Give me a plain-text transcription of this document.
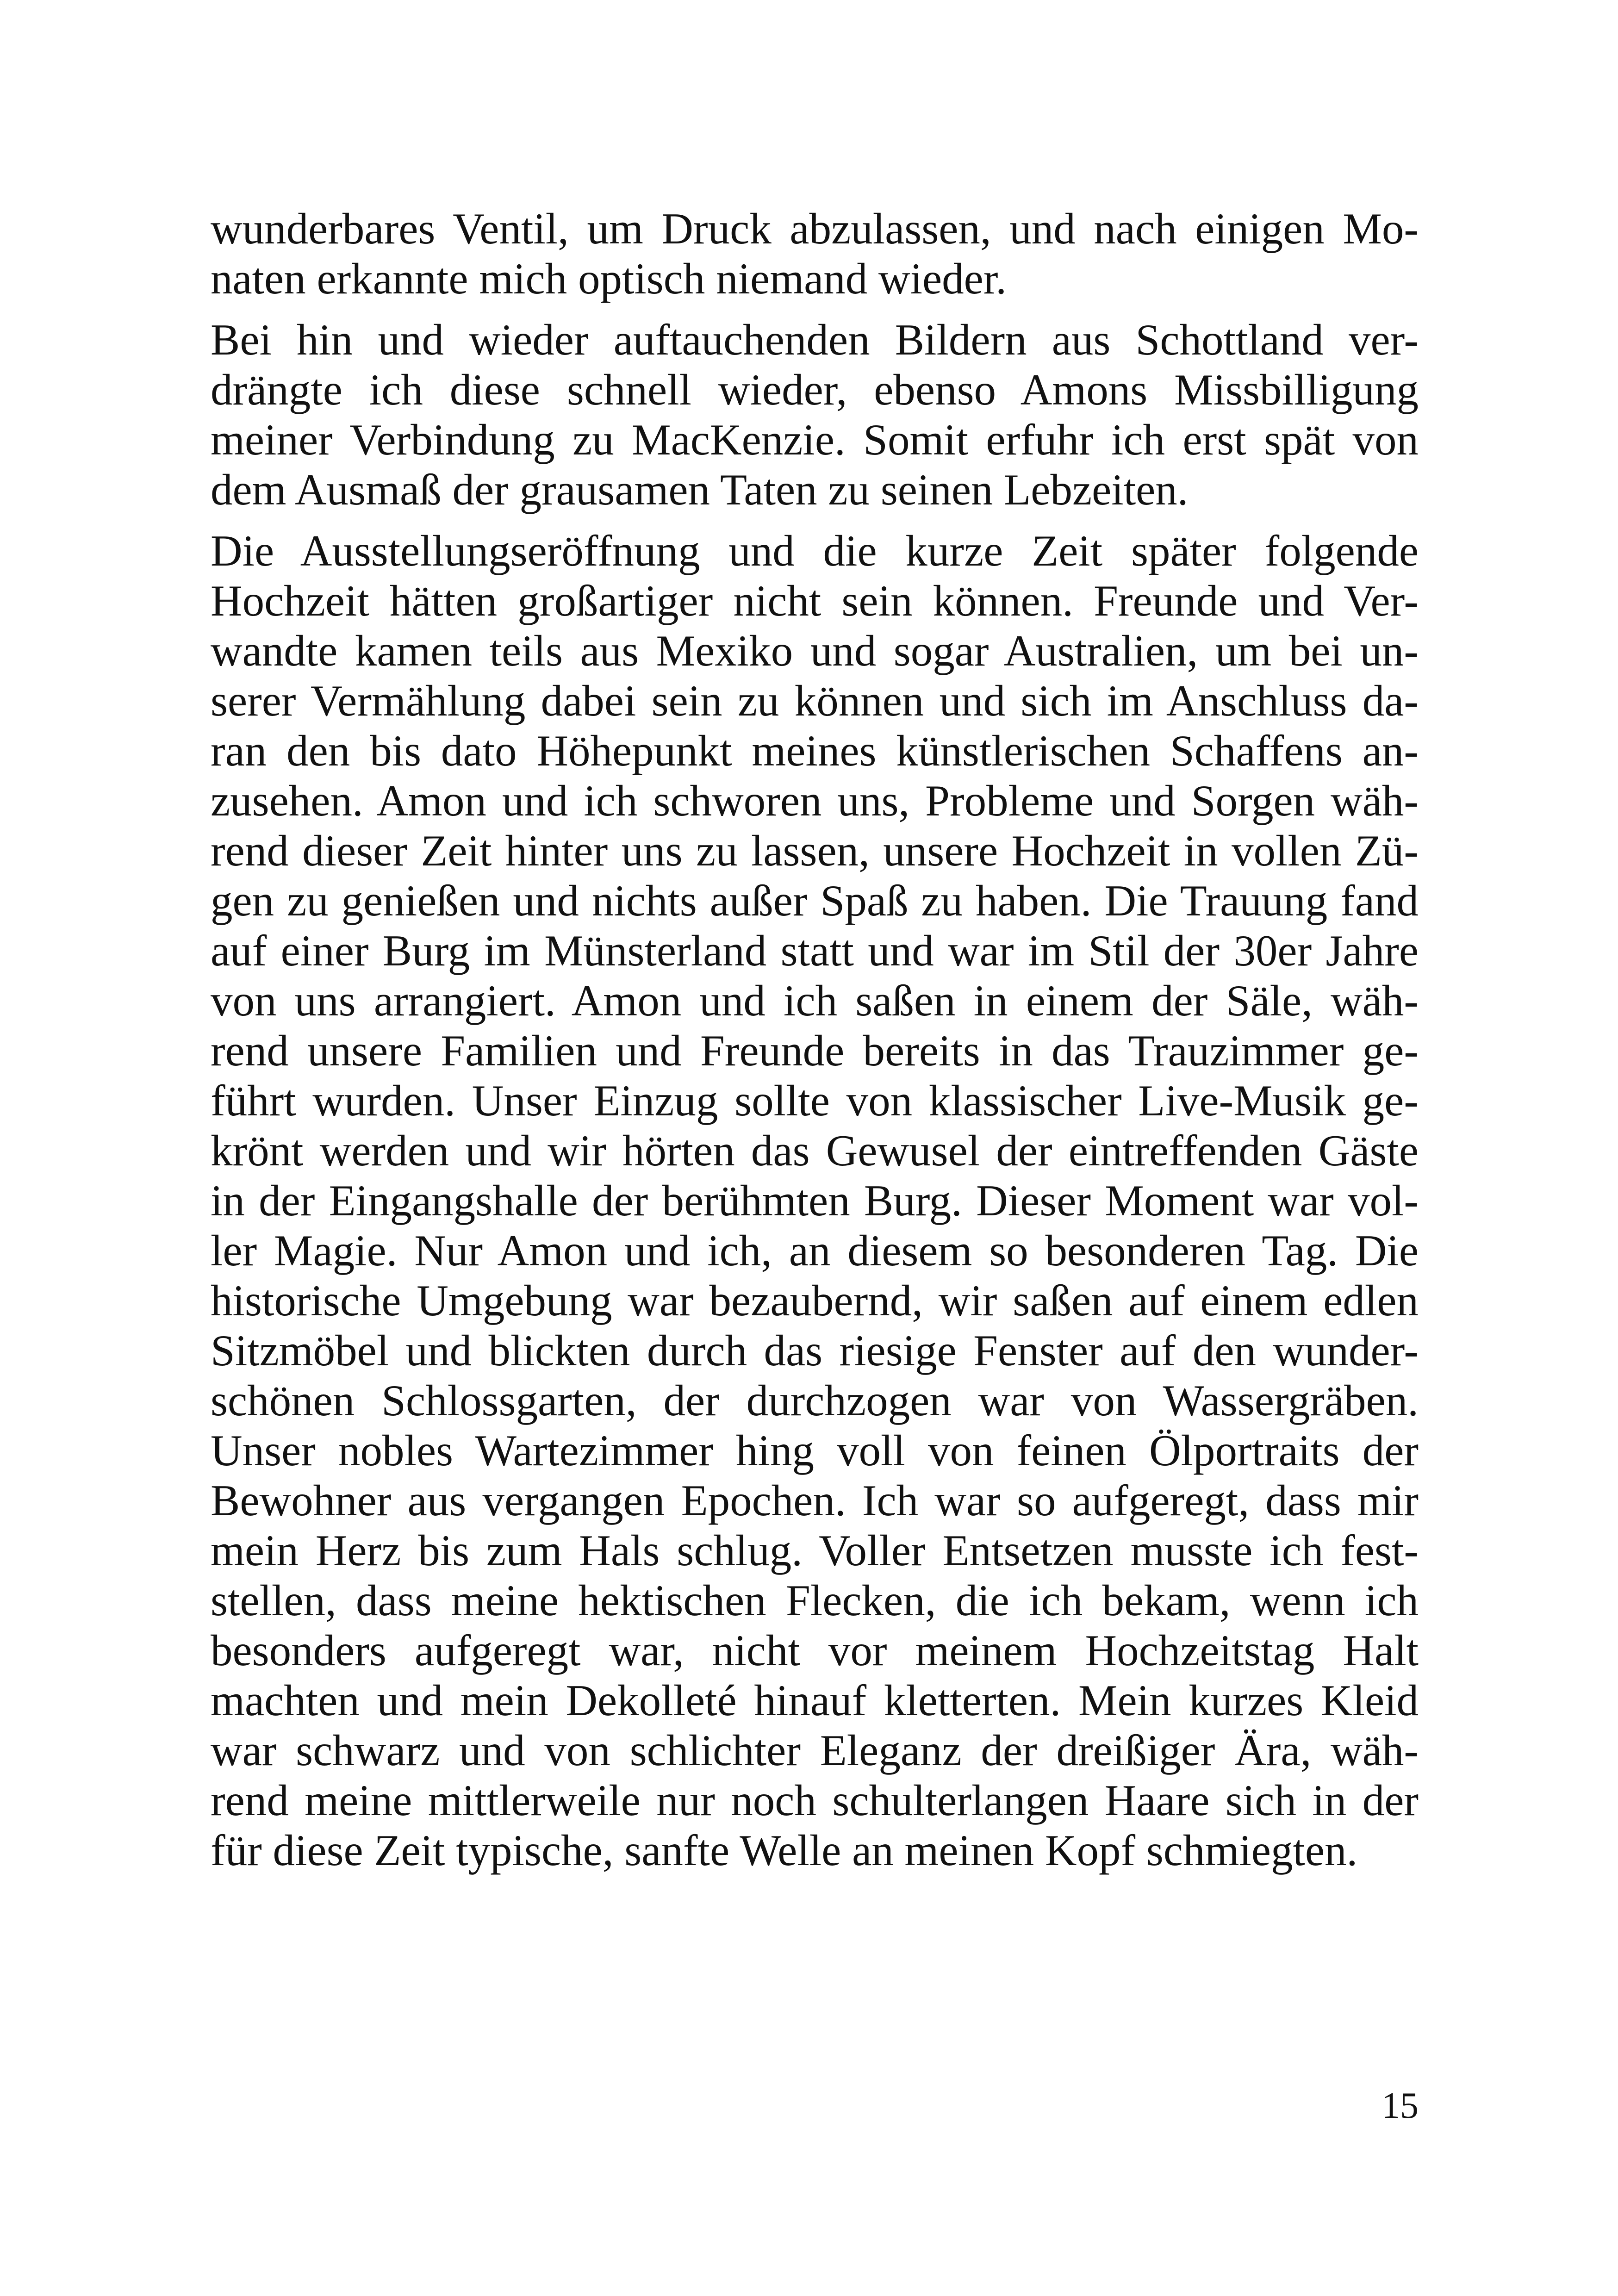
wunderbares Ventil, um Druck abzulassen, und nach einigen Mo-
naten erkannte mich optisch niemand wieder.
Bei hin und wieder auftauchenden Bildern aus Schottland ver-
drängte ich diese schnell wieder, ebenso Amons Missbilligung
meiner Verbindung zu MacKenzie. Somit erfuhr ich erst spät von
dem Ausmaß der grausamen Taten zu seinen Lebzeiten.
Die Ausstellungseröffnung und die kurze Zeit später folgende
Hochzeit hätten großartiger nicht sein können. Freunde und Ver-
wandte kamen teils aus Mexiko und sogar Australien, um bei un-
serer Vermählung dabei sein zu können und sich im Anschluss da-
ran den bis dato Höhepunkt meines künstlerischen Schaffens an-
zusehen. Amon und ich schworen uns, Probleme und Sorgen wäh-
rend dieser Zeit hinter uns zu lassen, unsere Hochzeit in vollen Zü-
gen zu genießen und nichts außer Spaß zu haben. Die Trauung fand
auf einer Burg im Münsterland statt und war im Stil der 30er Jahre
von uns arrangiert. Amon und ich saßen in einem der Säle, wäh-
rend unsere Familien und Freunde bereits in das Trauzimmer ge-
führt wurden. Unser Einzug sollte von klassischer Live-Musik ge-
krönt werden und wir hörten das Gewusel der eintreffenden Gäste
in der Eingangshalle der berühmten Burg. Dieser Moment war vol-
ler Magie. Nur Amon und ich, an diesem so besonderen Tag. Die
historische Umgebung war bezaubernd, wir saßen auf einem edlen
Sitzmöbel und blickten durch das riesige Fenster auf den wunder-
schönen Schlossgarten, der durchzogen war von Wassergräben.
Unser nobles Wartezimmer hing voll von feinen Ölportraits der
Bewohner aus vergangen Epochen. Ich war so aufgeregt, dass mir
mein Herz bis zum Hals schlug. Voller Entsetzen musste ich fest-
stellen, dass meine hektischen Flecken, die ich bekam, wenn ich
besonders aufgeregt war, nicht vor meinem Hochzeitstag Halt
machten und mein Dekolleté hinauf kletterten. Mein kurzes Kleid
war schwarz und von schlichter Eleganz der dreißiger Ära, wäh-
rend meine mittlerweile nur noch schulterlangen Haare sich in der
für diese Zeit typische, sanfte Welle an meinen Kopf schmiegten.
15
